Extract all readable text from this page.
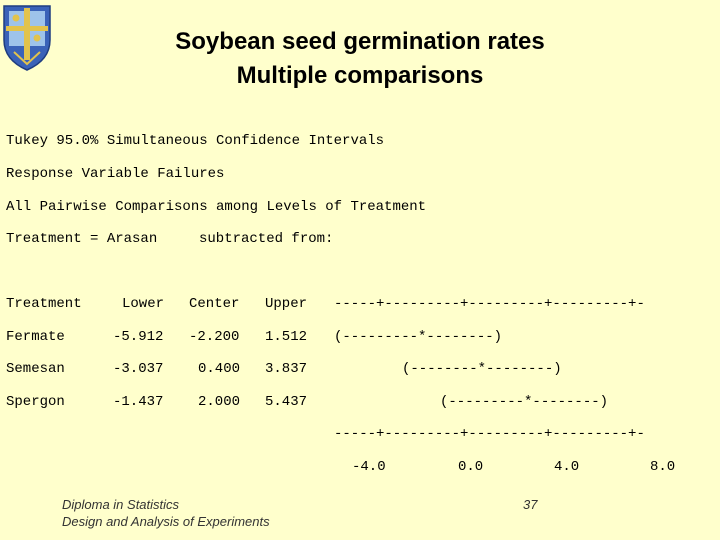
Soybean seed germination rates
Multiple comparisons
Tukey 95.0% Simultaneous Confidence Intervals
Response Variable Failures
All Pairwise Comparisons among Levels of Treatment
Treatment = Arasan	subtracted from:
Treatment	Lower Center Upper -----+---------+---------+---------+-
Fermate	-5.912 -2.200 1.512 (---------*--------)
Semesan	-3.037 0.400 3.837	(--------*--------)
Spergon	-1.437 2.000 5.437	(---------*--------)
-----+---------+---------+---------+-
-4.0	0.0	4.0	8.0
Diploma in Statistics
Design and Analysis of Experiments
37
